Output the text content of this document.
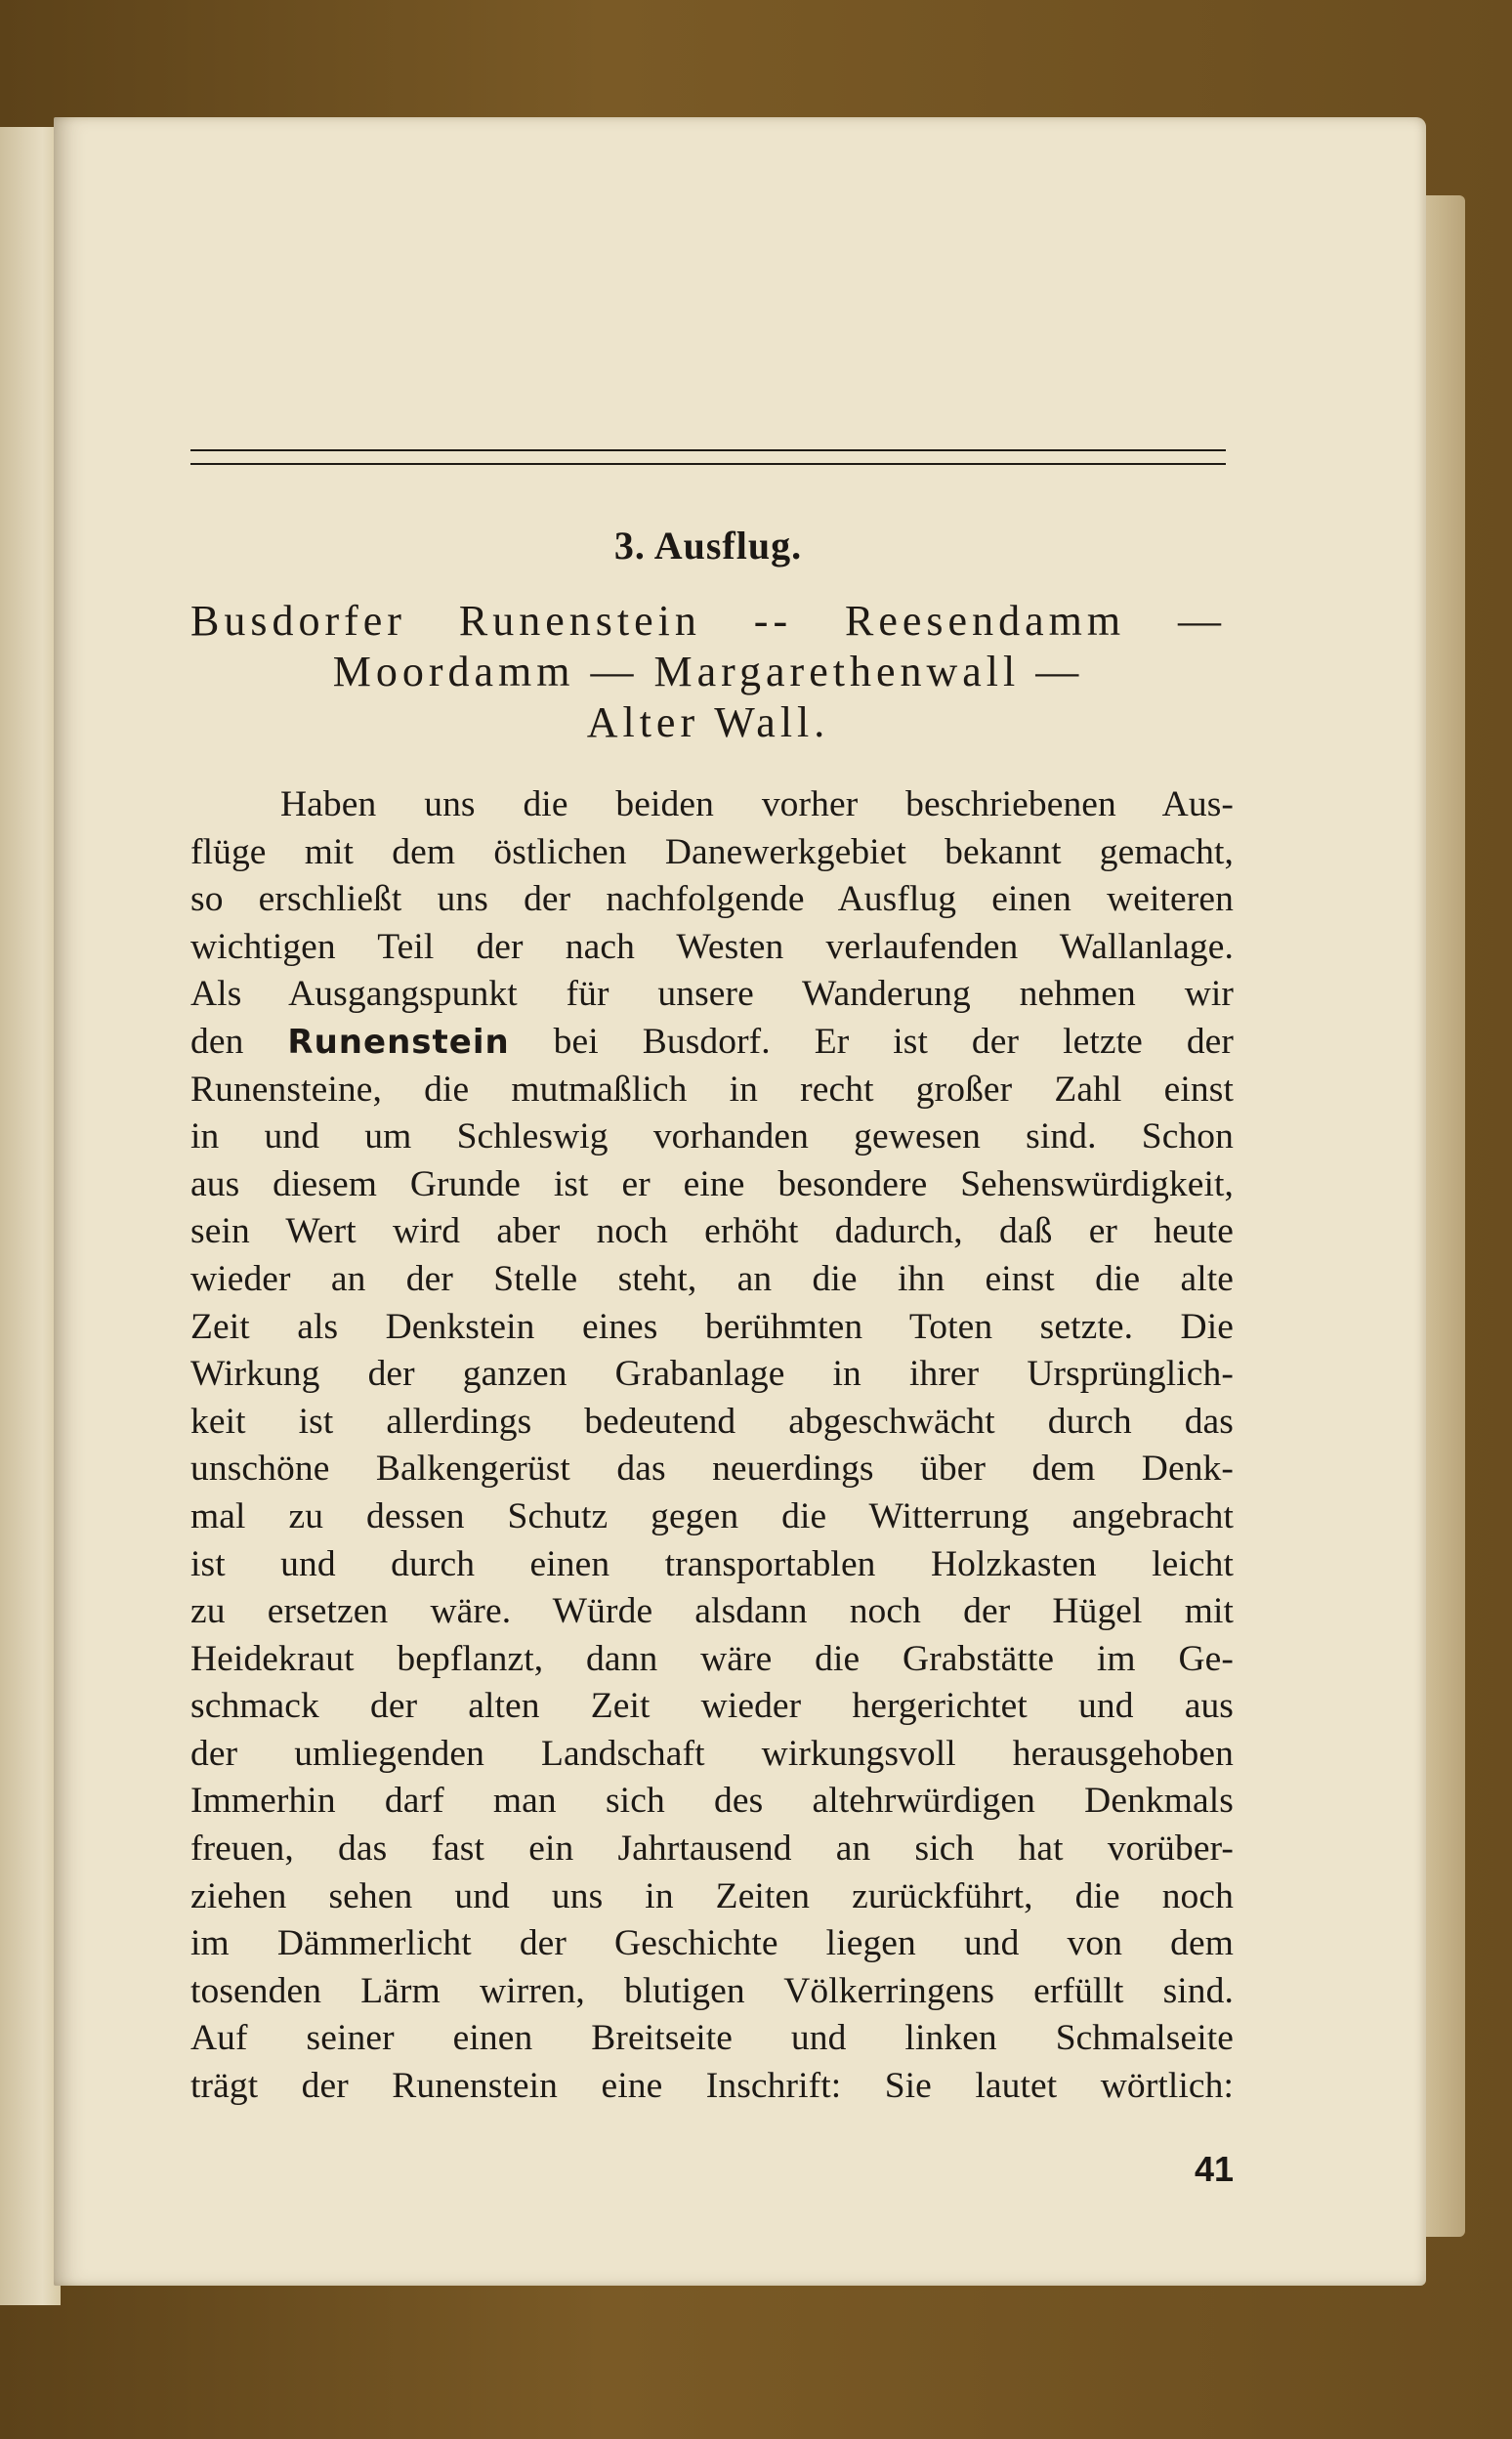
3. Ausflug.
Busdorfer Runenstein -- Reesendamm —
Moordamm — Margarethenwall —
Alter Wall.
Haben uns die beiden vorher beschriebenen Aus-
flüge mit dem östlichen Danewerkgebiet bekannt gemacht,
so erschließt uns der nachfolgende Ausflug einen weiteren
wichtigen Teil der nach Westen verlaufenden Wallanlage.
Als Ausgangspunkt für unsere Wanderung nehmen wir
den Runenstein bei Busdorf. Er ist der letzte der
Runensteine, die mutmaßlich in recht großer Zahl einst
in und um Schleswig vorhanden gewesen sind. Schon
aus diesem Grunde ist er eine besondere Sehenswürdigkeit,
sein Wert wird aber noch erhöht dadurch, daß er heute
wieder an der Stelle steht, an die ihn einst die alte
Zeit als Denkstein eines berühmten Toten setzte. Die
Wirkung der ganzen Grabanlage in ihrer Ursprünglich-
keit ist allerdings bedeutend abgeschwächt durch das
unschöne Balkengerüst das neuerdings über dem Denk-
mal zu dessen Schutz gegen die Witterrung angebracht
ist und durch einen transportablen Holzkasten leicht
zu ersetzen wäre. Würde alsdann noch der Hügel mit
Heidekraut bepflanzt, dann wäre die Grabstätte im Ge-
schmack der alten Zeit wieder hergerichtet und aus
der umliegenden Landschaft wirkungsvoll herausgehoben
Immerhin darf man sich des altehrwürdigen Denkmals
freuen, das fast ein Jahrtausend an sich hat vorüber-
ziehen sehen und uns in Zeiten zurückführt, die noch
im Dämmerlicht der Geschichte liegen und von dem
tosenden Lärm wirren, blutigen Völkerringens erfüllt sind.
Auf seiner einen Breitseite und linken Schmalseite
trägt der Runenstein eine Inschrift: Sie lautet wörtlich:
41
